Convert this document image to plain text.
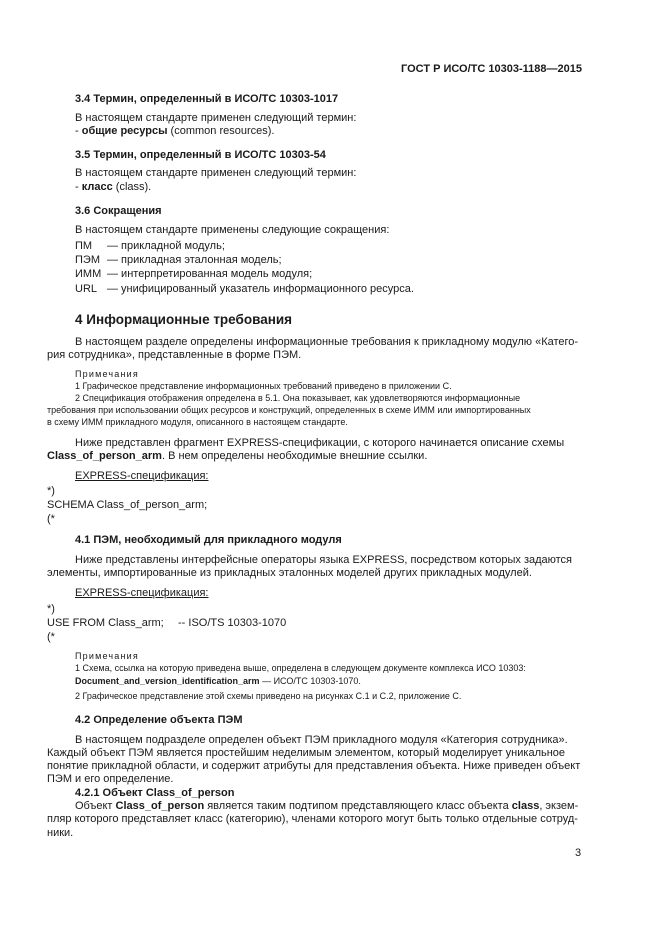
ГОСТ Р ИСО/ТС 10303-1188—2015
3.4 Термин, определенный в ИСО/ТС 10303-1017
В настоящем стандарте применен следующий термин:
- общие ресурсы (common resources).
3.5 Термин, определенный в ИСО/ТС 10303-54
В настоящем стандарте применен следующий термин:
- класс (class).
3.6 Сокращения
В настоящем стандарте применены следующие сокращения:
ПМ — прикладной модуль;
ПЭМ — прикладная эталонная модель;
ИММ — интерпретированная модель модуля;
URL — унифицированный указатель информационного ресурса.
4 Информационные требования
В настоящем разделе определены информационные требования к прикладному модулю «Катего-
рия сотрудника», представленные в форме ПЭМ.
Примечания
1 Графическое представление информационных требований приведено в приложении С.
2 Спецификация отображения определена в 5.1. Она показывает, как удовлетворяются информационные
требования при использовании общих ресурсов и конструкций, определенных в схеме ИММ или импортированных
в схему ИММ прикладного модуля, описанного в настоящем стандарте.
Ниже представлен фрагмент EXPRESS-спецификации, с которого начинается описание схемы
Class_of_person_arm. В нем определены необходимые внешние ссылки.
EXPRESS-спецификация:
*)
SCHEMA Class_of_person_arm;
(*
4.1 ПЭМ, необходимый для прикладного модуля
Ниже представлены интерфейсные операторы языка EXPRESS, посредством которых задаются
элементы, импортированные из прикладных эталонных моделей других прикладных модулей.
EXPRESS-спецификация:
*)
USE FROM Class_arm; -- ISO/TS 10303-1070
(*
Примечания
1 Схема, ссылка на которую приведена выше, определена в следующем документе комплекса ИСО 10303:
Document_and_version_identification_arm — ИСО/ТС 10303-1070.
2 Графическое представление этой схемы приведено на рисунках С.1 и С.2, приложение С.
4.2 Определение объекта ПЭМ
В настоящем подразделе определен объект ПЭМ прикладного модуля «Категория сотрудника».
Каждый объект ПЭМ является простейшим неделимым элементом, который моделирует уникальное
понятие прикладной области, и содержит атрибуты для представления объекта. Ниже приведен объект
ПЭМ и его определение.
4.2.1 Объект Class_of_person
Объект Class_of_person является таким подтипом представляющего класс объекта class, экзем-
пляр которого представляет класс (категорию), членами которого могут быть только отдельные сотруд-
ники.
3
